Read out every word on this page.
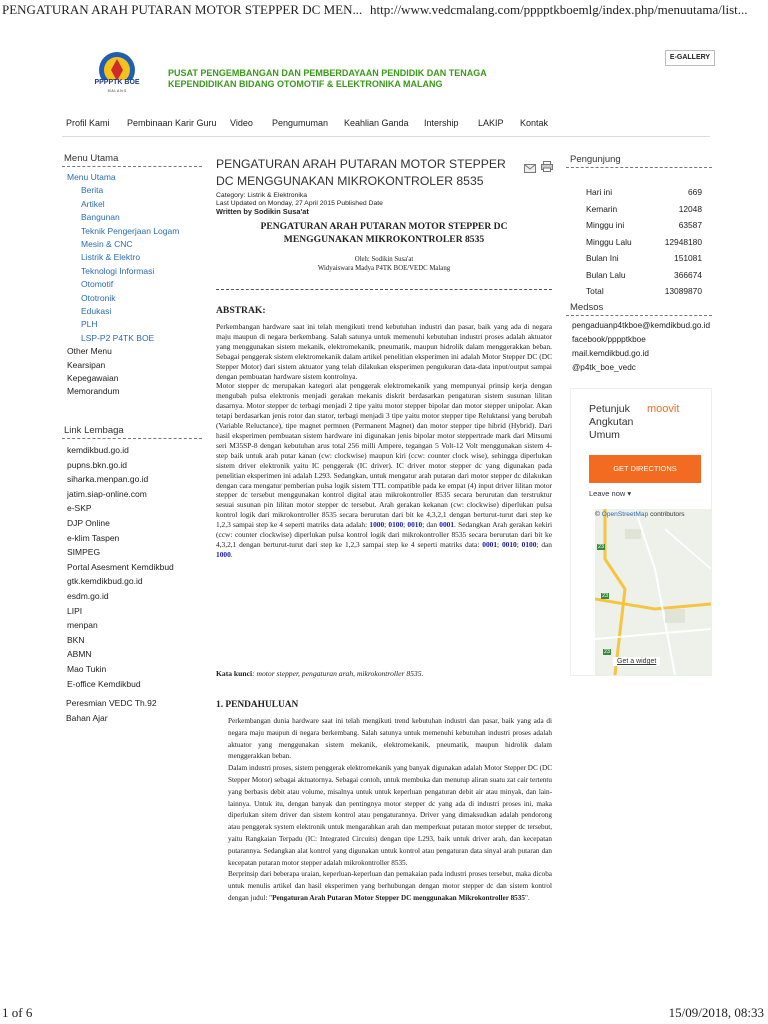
PENGATURAN ARAH PUTARAN MOTOR STEPPER DC MEN... http://www.vedcmalang.com/pppptkboemlg/index.php/menuutama/list...
PPPPTK BOE
M A L A N G
PUSAT PENGEMBANGAN DAN PEMBERDAYAAN PENDIDIK DAN TENAGA
KEPENDIDIKAN BIDANG OTOMOTIF & ELEKTRONIKA MALANG
E-GALLERY
Profil Kami Pembinaan Karir Guru Video Pengumuman Keahlian Ganda Intership LAKIP Kontak
Menu Utama
Menu Utama
Berita
Artikel
Bangunan
Teknik Pengerjaan Logam
Mesin & CNC
Listrik & Elektro
Teknologi Informasi
Otomotif
Ototronik
Edukasi
PLH
LSP-P2 P4TK BOE
Other Menu
Kearsipan
Kepegawaian
Memorandum
Link Lembaga
kemdikbud.go.id
pupns.bkn.go.id
siharka.menpan.go.id
jatim.siap-online.com
e-SKP
DJP Online
e-klim Taspen
SIMPEG
Portal Asesment Kemdikbud
gtk.kemdikbud.go.id
esdm.go.id
LIPI
menpan
BKN
ABMN
Mao Tukin
E-office Kemdikbud
Peresmian VEDC Th.92
Bahan Ajar
PENGATURAN ARAH PUTARAN MOTOR STEPPER DC MENGGUNAKAN MIKROKONTROLER 8535
Category: Listrik & Elektronika
Last Updated on Monday, 27 April 2015 Published Date
Written by Sodikin Susa'at
PENGATURAN ARAH PUTARAN MOTOR STEPPER DC
MENGGUNAKAN MIKROKONTROLER 8535
Oleh: Sodikin Susa'at
Widyaiswara Madya P4TK BOE/VEDC Malang
ABSTRAK:

Perkembangan hardware saat ini telah mengikuti trend kebutuhan industri dan pasar, baik yang ada di negara maju maupun di negara berkembang. Salah satunya untuk memenuhi kebutuhan industri proses adalah aktuator yang menggunakan sistem mekanik, elektromekanik, pneumatik, maupun hidrolik dalam menggerakkan beban. Sebagai penggerak sistem elektromekanik dalam artikel penelitian eksperimen ini adalah Motor Stepper DC (DC Stepper Motor) dari sistem aktuator yang telah dilakukan eksperimen pengukuran data-data input/output sampai dengan pembuatan hardware sistem kontrolnya.

Motor stepper dc merupakan kategori alat penggerak elektromekanik yang mempunyai prinsip kerja dengan mengubah pulsa elektronis menjadi gerakan mekanis diskrit berdasarkan pengaturan sistem susunan lilitan dasarnya. Motor stepper dc terbagi menjadi 2 tipe yaitu motor stepper bipolar dan motor stepper unipolar. Akan tetapi berdasarkan jenis rotor dan stator, terbagi menjadi 3 tipe yaitu motor stepper tipe Reluktansi yang berubah (Variable Reluctance), tipe magnet permnen (Permanent Magnet) dan motor stepper tipe hibrid (Hybrid). Dari hasil eksperimen pembuatan sistem hardware ini digunakan jenis bipolar motor steppertrade mark dari Mitsumi seri M35SP-8 dengan kebutuhan arus total 256 milli Ampere, tegangan 5 Volt-12 Volt menggunakan sistem 4-step baik untuk arah putar kanan (cw: clockwise) maupun kiri (ccw: counter clock wise), sehingga diperlukan sistem driver elektronik yaitu IC penggerak (IC driver). IC driver motor stepper dc yang digunakan pada penelitian eksperimen ini adalah L293. Sedangkan, untuk mengatur arah putaran dari motor stepper dc dilakukan dengan cara mengatur pemberian pulsa logik sistem TTL compatible pada ke empat (4) input driver lilitan motor stepper dc tersebut menggunakan kontrol digital atau mikrokontroller 8535 secara berurutan dan terstruktur sesuai susunan pin lilitan motor stepper dc tersebut. Arah gerakan kekanan (cw: clockwise) diperlukan pulsa kontrol logik dari mikrokontroller 8535 secara berurutan dari bit ke 4,3,2,1 dengan berturut-turut dari step ke 1,2,3 sampai step ke 4 seperti matriks data adalah: 1000; 0100; 0010; dan 0001. Sedangkan Arah gerakan kekiri (ccw: counter clockwise) diperlukan pulsa kontrol logik dari mikrokontroller 8535 secara berurutan dari bit ke 4,3,2,1 dengan berturut-turut dari step ke 1,2,3 sampai step ke 4 seperti matriks data: 0001; 0010; 0100; dan 1000.

Kata kunci: motor stepper, pengaturan arah, mikrokontroller 8535.
1. PENDAHULUAN

Perkembangan dunia hardware saat ini telah mengikuti trend kebutuhan industri dan pasar, baik yang ada di negara maju maupun di negara berkembang. Salah satunya untuk memenuhi kebutuhan industri proses adalah aktuator yang menggunakan sistem mekanik, elektromekanik, pneumatik, maupun hidrolik dalam menggerakkan beban.

Dalam industri proses, sistem penggerak elektromekanik yang banyak digunakan adalah Motor Stepper DC (DC Stepper Motor) sebagai aktuatornya. Sebagai contoh, untuk membuka dan menutup aliran suatu zat cair tertentu yang berbasis debit atau volume, misalnya untuk untuk keperluan pengaturan debit air atau minyak, dan lain-lainnya. Untuk itu, dengan banyak dan pentingnya motor stepper dc yang ada di industri proses ini, maka diperlukan sitem driver dan sistem kontrol atau pengaturannya. Driver yang dimaksudkan adalah pendorong atau penggerak system elektronik untuk mengarahkan arah dan memperkuat putaran motor stepper dc tersebut, yaitu Rangkaian Terpadu (IC: Integrated Circuits) dengan tipe L293, baik untuk driver arah, dan kecepatan putarannya. Sedangkan alat kontrol yang digunakan untuk kontrol atau pengaturan data sinyal arah putaran dan kecepatan putaran motor stepper adalah mikrokontroller 8535.

Berprinsip dari beberapa uraian, keperluan-keperluan dan pemakaian pada industri proses tersebut, maka dicoba untuk menulis artikel dan hasil eksperimen yang berhubungan dengan motor stepper dc dan sistem kontrol dengan judul: "Pengaturan Arah Putaran Motor Stepper DC menggunakan Mikrokontroller 8535".

Pengunjung
Hari ini	669
Kemarin	12048
Minggu ini	63587
Minggu Lalu	12948180
Bulan Ini	151081
Bulan Lalu	366674
Total	13089870
Medsos
pengaduanp4tkboe@kemdikbud.go.id
facebook/pppptkboe
mail.kemdikbud.go.id
@p4tk_boe_vedc
Petunjuk
Angkutan
Umum
moovit
GET DIRECTIONS
Leave now ▾
© OpenStreetMap contributors
23
23
23
Get a widget
1 of 6	15/09/2018, 08:33
